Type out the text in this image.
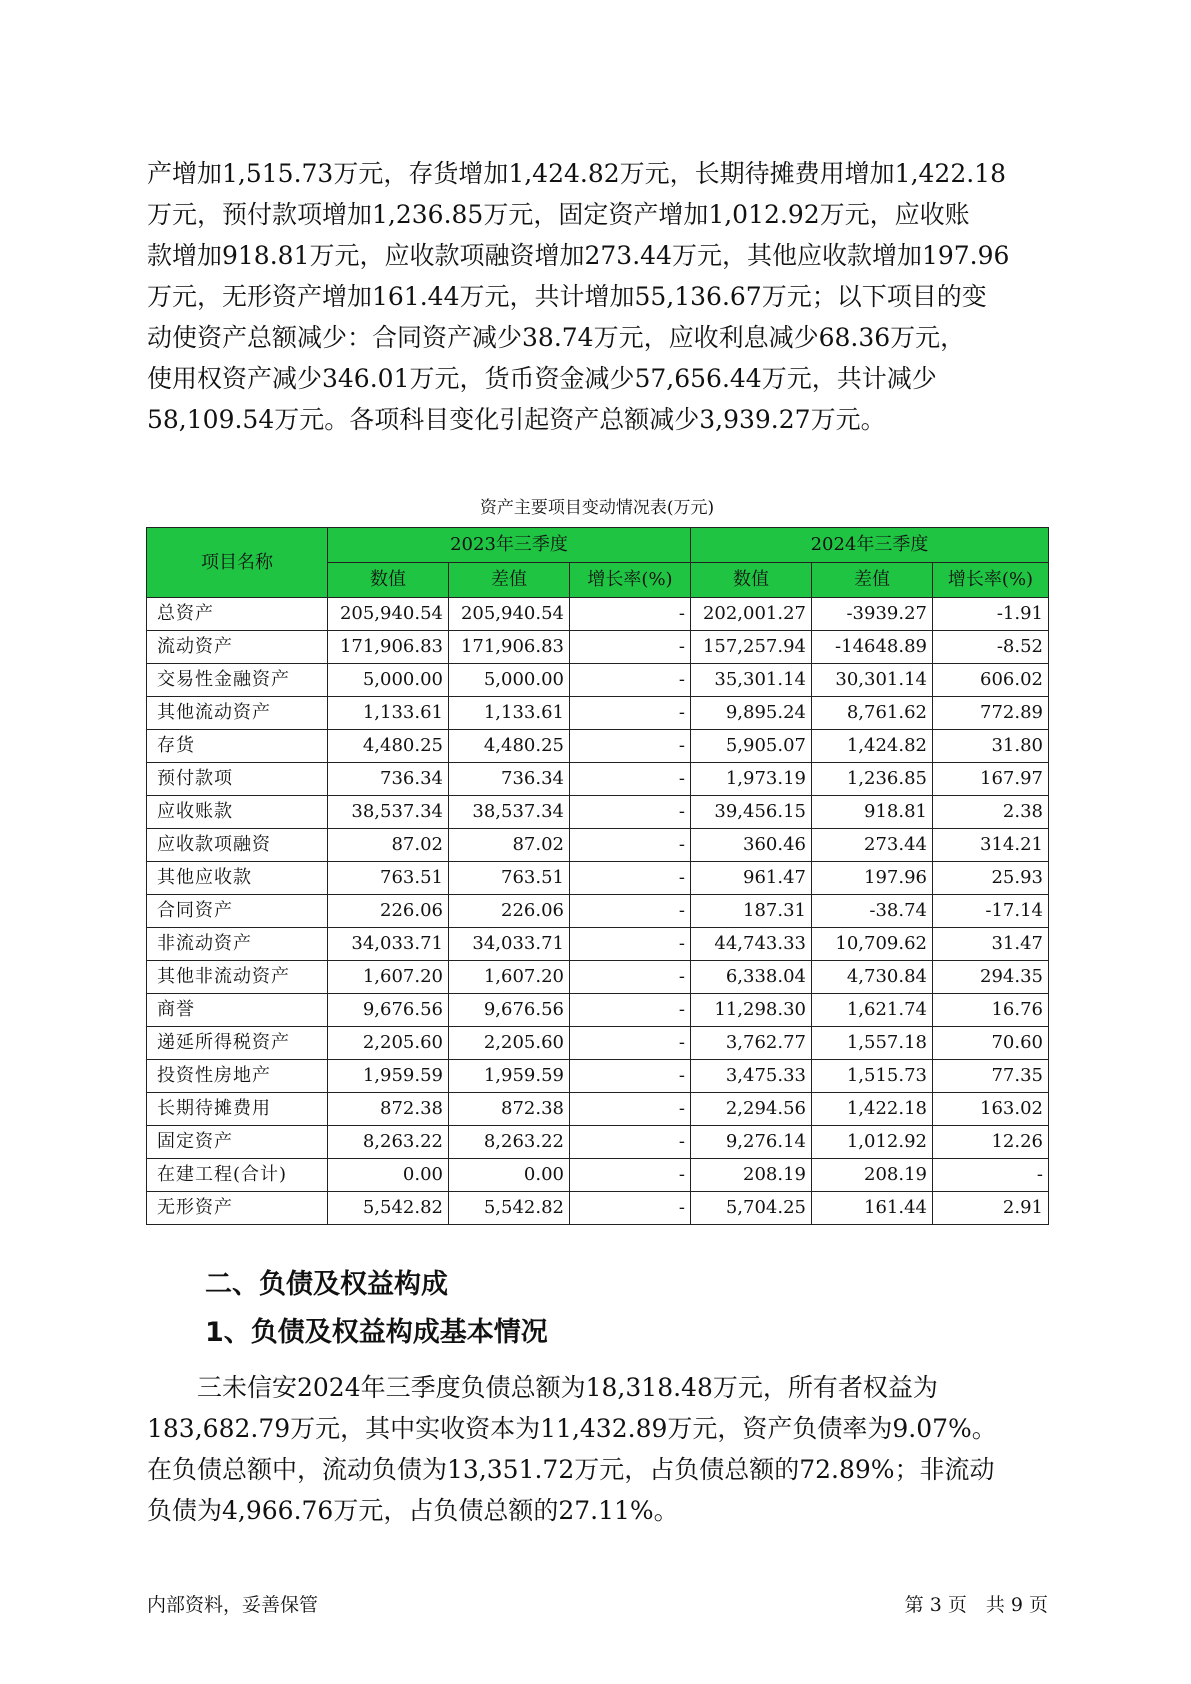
产增加1,515.73万元，存货增加1,424.82万元，长期待摊费用增加1,422.18
万元，预付款项增加1,236.85万元，固定资产增加1,012.92万元，应收账
款增加918.81万元，应收款项融资增加273.44万元，其他应收款增加197.96
万元，无形资产增加161.44万元，共计增加55,136.67万元；以下项目的变
动使资产总额减少：合同资产减少38.74万元，应收利息减少68.36万元，
使用权资产减少346.01万元，货币资金减少57,656.44万元，共计减少
58,109.54万元。各项科目变化引起资产总额减少3,939.27万元。
资产主要项目变动情况表(万元)
项目名称	2023年三季度			2024年三季度		
	数值	差值	增长率(%)	数值	差值	增长率(%)
总资产	205,940.54	205,940.54	-	202,001.27	-3939.27	-1.91
流动资产	171,906.83	171,906.83	-	157,257.94	-14648.89	-8.52
交易性金融资产	5,000.00	5,000.00	-	35,301.14	30,301.14	606.02
其他流动资产	1,133.61	1,133.61	-	9,895.24	8,761.62	772.89
存货	4,480.25	4,480.25	-	5,905.07	1,424.82	31.80
预付款项	736.34	736.34	-	1,973.19	1,236.85	167.97
应收账款	38,537.34	38,537.34	-	39,456.15	918.81	2.38
应收款项融资	87.02	87.02	-	360.46	273.44	314.21
其他应收款	763.51	763.51	-	961.47	197.96	25.93
合同资产	226.06	226.06	-	187.31	-38.74	-17.14
非流动资产	34,033.71	34,033.71	-	44,743.33	10,709.62	31.47
其他非流动资产	1,607.20	1,607.20	-	6,338.04	4,730.84	294.35
商誉	9,676.56	9,676.56	-	11,298.30	1,621.74	16.76
递延所得税资产	2,205.60	2,205.60	-	3,762.77	1,557.18	70.60
投资性房地产	1,959.59	1,959.59	-	3,475.33	1,515.73	77.35
长期待摊费用	872.38	872.38	-	2,294.56	1,422.18	163.02
固定资产	8,263.22	8,263.22	-	9,276.14	1,012.92	12.26
在建工程(合计)	0.00	0.00	-	208.19	208.19	-
无形资产	5,542.82	5,542.82	-	5,704.25	161.44	2.91
二、负债及权益构成
1、负债及权益构成基本情况
　　三未信安2024年三季度负债总额为18,318.48万元，所有者权益为
183,682.79万元，其中实收资本为11,432.89万元，资产负债率为9.07%。
在负债总额中，流动负债为13,351.72万元，占负债总额的72.89%；非流动
负债为4,966.76万元，占负债总额的27.11%。
内部资料，妥善保管	第 3 页　共 9 页
